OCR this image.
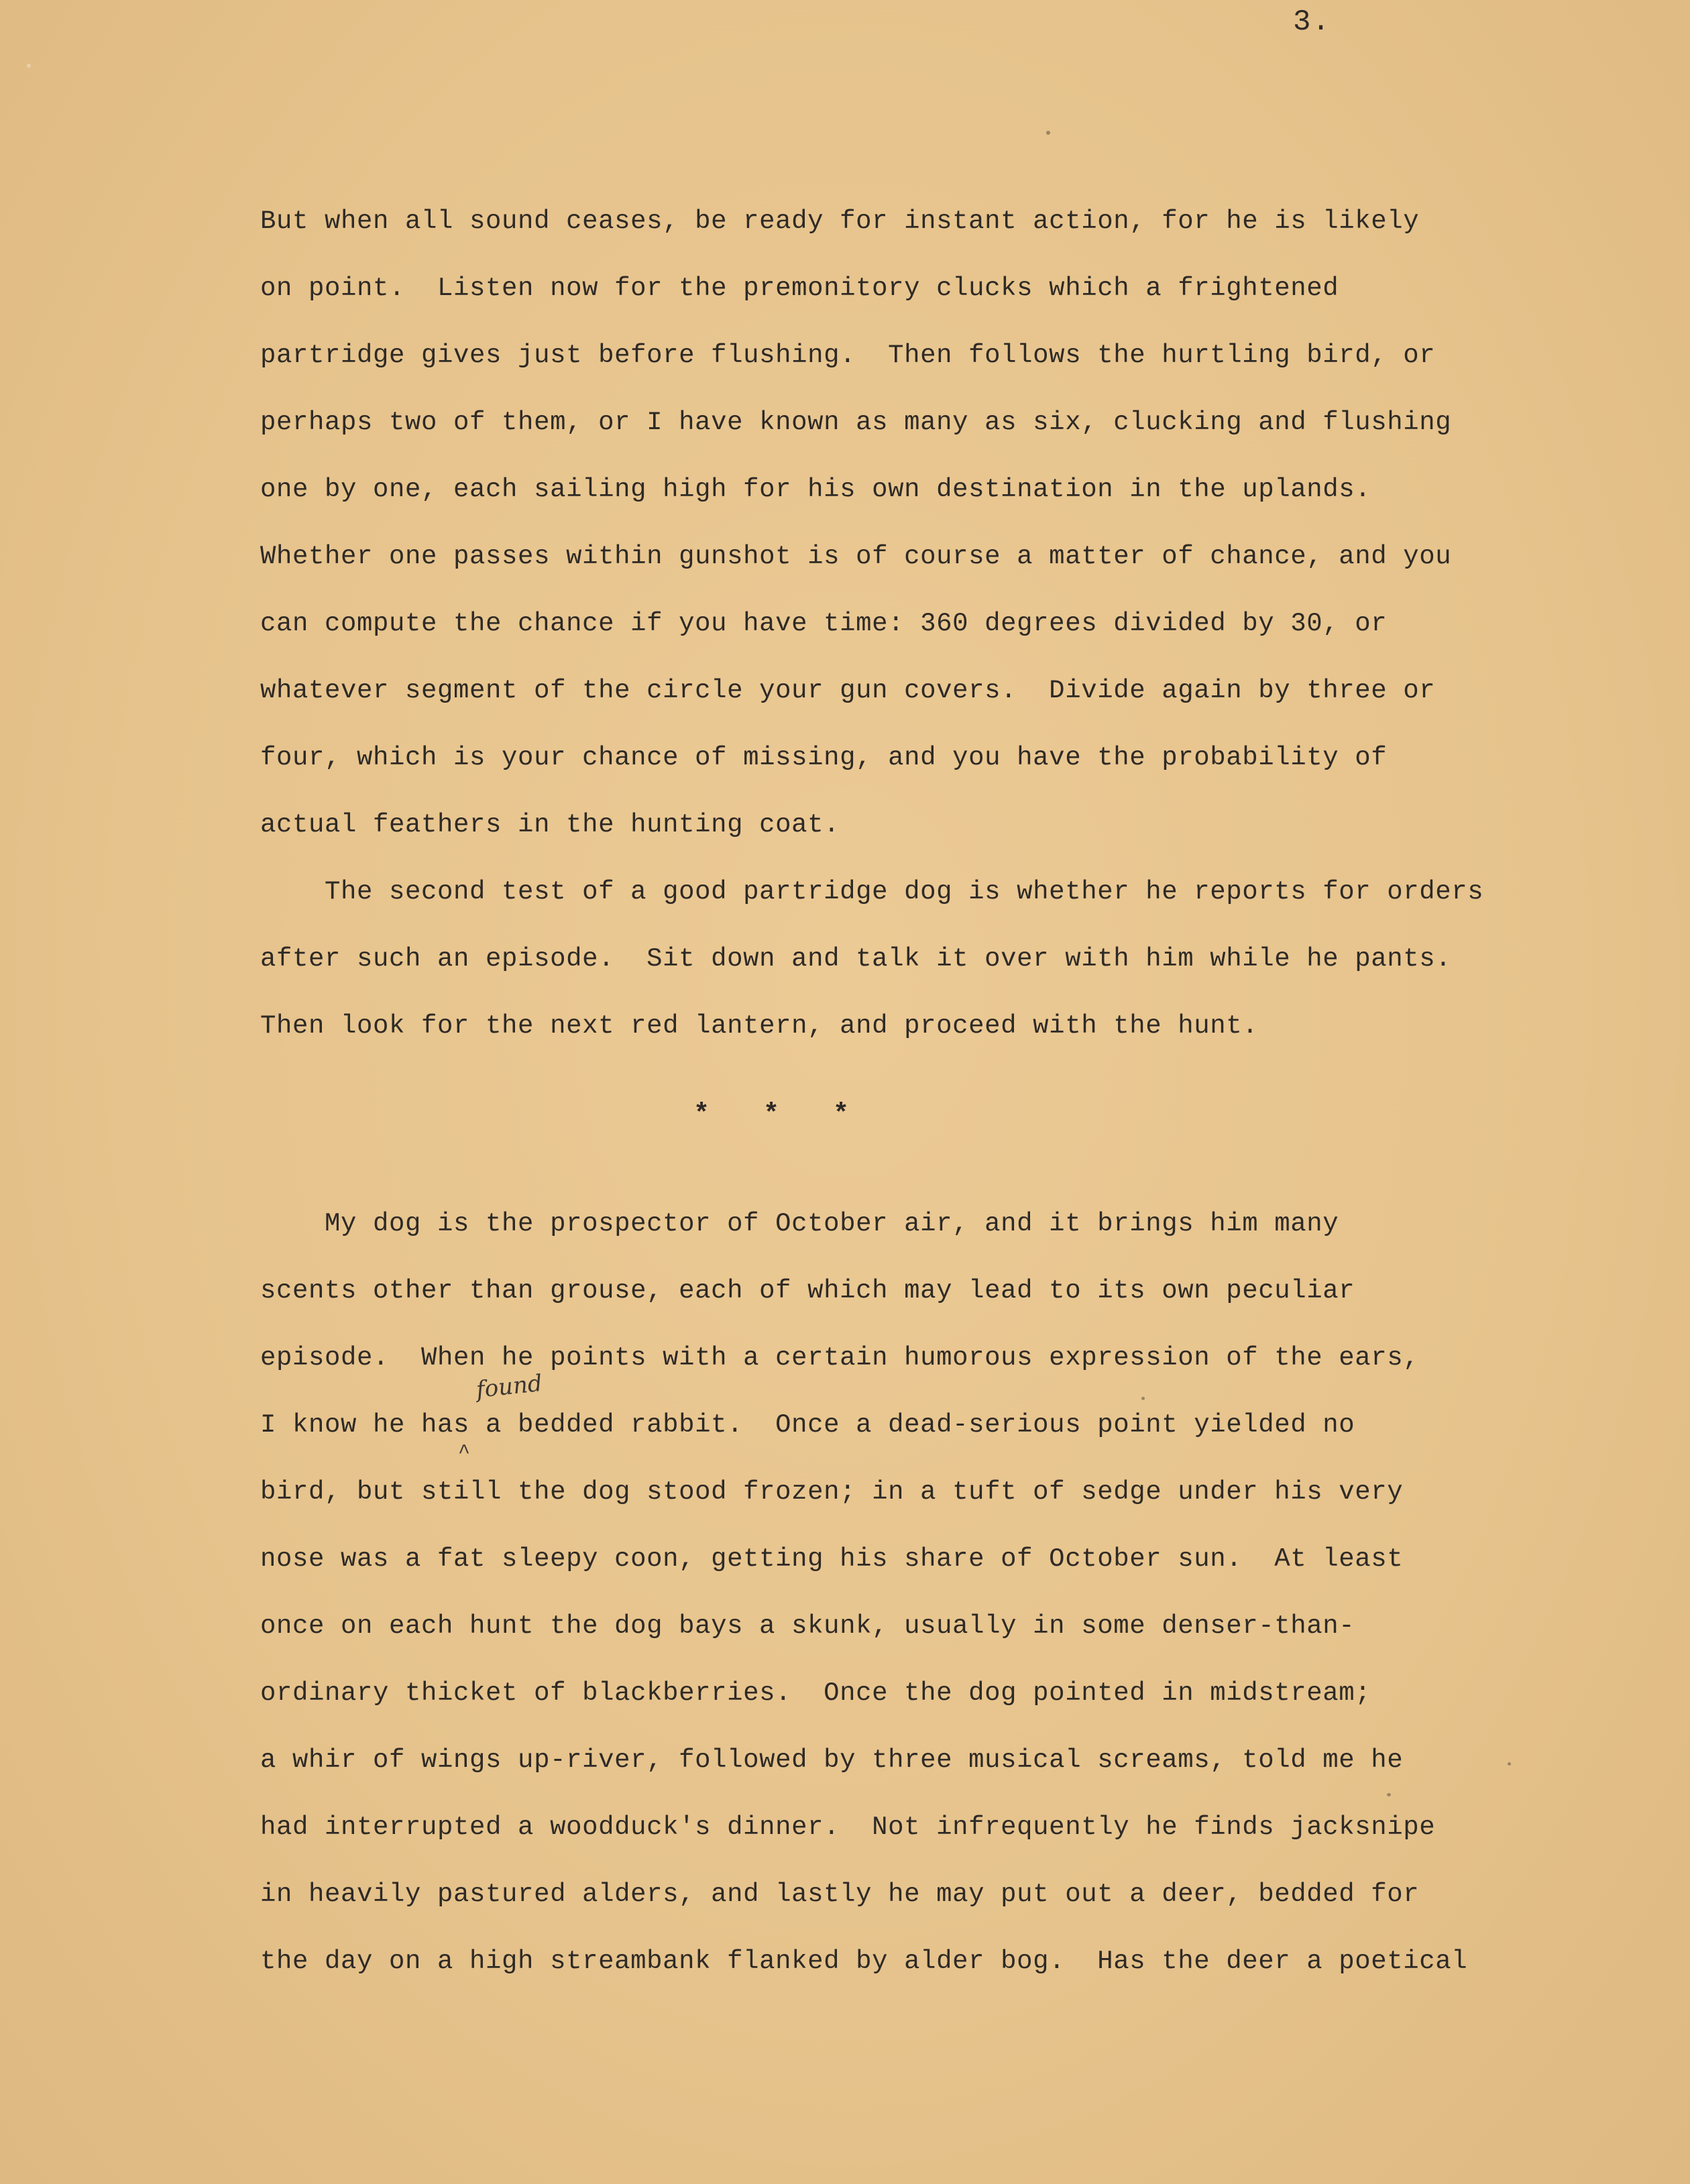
3.
But when all sound ceases, be ready for instant action, for he is likely
on point.  Listen now for the premonitory clucks which a frightened
partridge gives just before flushing.  Then follows the hurtling bird, or
perhaps two of them, or I have known as many as six, clucking and flushing
one by one, each sailing high for his own destination in the uplands.
Whether one passes within gunshot is of course a matter of chance, and you
can compute the chance if you have time: 360 degrees divided by 30, or
whatever segment of the circle your gun covers.  Divide again by three or
four, which is your chance of missing, and you have the probability of
actual feathers in the hunting coat.
The second test of a good partridge dog is whether he reports for orders
after such an episode.  Sit down and talk it over with him while he pants.
Then look for the next red lantern, and proceed with the hunt.
* * *
My dog is the prospector of October air, and it brings him many
scents other than grouse, each of which may lead to its own peculiar
episode.  When he points with a certain humorous expression of the ears,
I know he has a bedded rabbit.  Once a dead-serious point yielded no
bird, but still the dog stood frozen; in a tuft of sedge under his very
nose was a fat sleepy coon, getting his share of October sun.  At least
once on each hunt the dog bays a skunk, usually in some denser-than-
ordinary thicket of blackberries.  Once the dog pointed in midstream;
a whir of wings up-river, followed by three musical screams, told me he
had interrupted a woodduck's dinner.  Not infrequently he finds jacksnipe
in heavily pastured alders, and lastly he may put out a deer, bedded for
the day on a high streambank flanked by alder bog.  Has the deer a poetical
found
^
